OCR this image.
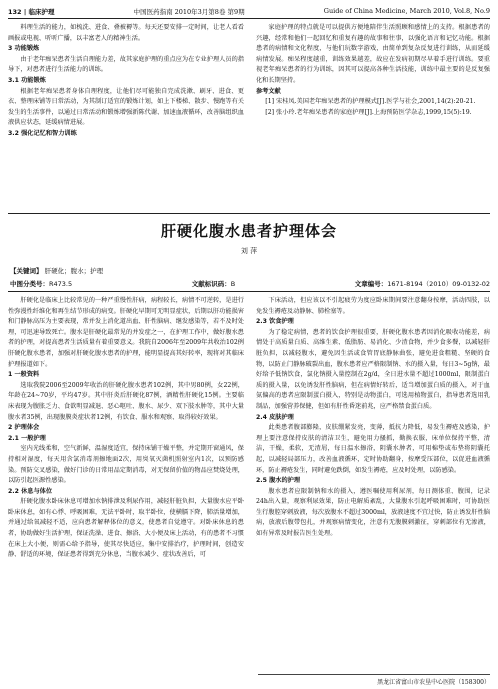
132 | 临床护理	中国医药指南 2010年3月第8卷 第9期	Guide of China Medicine, March 2010, Vol.8, No.9

料理生活的能力，如梳洗、进食、叠被褥等。每天还要安排一定时间，让老人看看画报或电视、听听广播，以丰富老人的精神生活。

3 功能锻炼

由于老年痴呆患者生活自理能力差，故其家庭护理的重点应为在专业护理人员的指导下，对患者进行生活能力的训练。

3.1 功能锻炼

根据老年痴呆患者身体自理程度，让他们尽可能独自完成洗漱、刷牙、进食、更衣、整理床铺等日常活动，为其制订适宜的锻炼计划，如上下楼梯、散步、慢跑等有关发生的生活事件，以通过日常活动和锻炼增强新陈代谢、加速血液循环，改善脑组织血液供应状态，延缓病情进展。

3.2 强化记忆和智力训练

家庭护理的特点就是可以提供方便地陪伴生活照顾和感情上的支持。根据患者的兴趣，经常和他们一起回忆和重复有趣的故事和往事，以强化语言和记忆功能。根据患者的病情和文化程度，与他们玩数字游戏，由简单到复杂反复进行训练，从而延缓病情发展。痴呆程度越重，训练效果越差，故应在发病初期尽早着手进行训练。要重视老年痴呆患者的行为训练，因其可以提高各种生活技能，训练中最主要的是反复强化和长期坚持。

参考文献

[1] 宋桂凤.美国老年痴呆患者的护理模式[J].医学与社会,2001,14(2):20-21.

[2] 张小玲.老年痴呆患者的家庭护理[J].上海预防医学杂志,1999,15(5):19.

肝硬化腹水患者护理体会
刘 萍
【关键词】 肝硬化；腹水；护理
中图分类号：R473.5	文献标识码：B	文章编号：1671-8194（2010）09-0132-02

肝硬化是临床上比较常见的一种严重慢性肝病，病程较长，病情不可逆转，是进行性弥漫性纤维化和再生结节形成的病变。肝硬化早期可无明显症状，后期以肝功能损害和门静脉高压为主要表现，常并发上消化道出血、肝性脑病、继发感染等，若不及时处理，可迅速导致死亡。腹水是肝硬化最常见的并发症之一，在护理工作中，做好腹水患者的护理，对提高患者生活质量有着重要意义。我院自2006年至2009年共收治102例肝硬化腹水患者，加强对肝硬化腹水患者的护理，能明显提高其好转率，现将对其临床护理报道如下。

1 一般资料

选取我院2006至2009年收治的肝硬化腹水患者102例，其中男80例，女22例，年龄在24~70岁，平均47岁。其中肝炎后肝硬化87例，酒精性肝硬化15例。主要临床表现为腹胀乏力、食欲明显减退、恶心呕吐、腹水、尿少、双下肢水肿等，其中大量腹水者35例，出现腹膜炎症状者12例，有饮食、服水和观察、取得较好效果。

2 护理体会

2.1 一般护理

室内光线柔和，空气新鲜，温湿度适宜，保持床铺干燥平整，并定期开窗通风，保持相对湿度，每天用含氯消毒剂擦地面2次，用臭氧灭菌机照射室内1次，以预防感染。预防交叉感染，做好门诊的日常用品定期消毒，对无保留价值的物品应焚烧处理，以防引起医源性感染。

2.2 休息与体位

肝硬化腹水卧床休息可增加水钠排泄及利尿作用，减轻肝脏负担，大量腹水应平卧卧床休息，如有心悸、呼吸困难，无法平卧时，取半卧位，使横膈下降，肺活量增加，并通过给氧减轻不适，应向患者解释体位的意义，使患者自觉遵守。对卧床休息的患者，协助做好生活护理，保证洗澡、进食、擦浴、大小便及床上活动，有的患者不习惯在床上大小便，则需心给予指导，使其尽快适应，集中安排治疗，护理时间，创造安静、舒适的环境，保证患者得到充分休息，当腹水减少、症状改善后，可

下床活动，但应该以不引起疲劳为度应卧床期间要注意翻身按摩，活动四肢，以免发生褥疮及动静脉、肺栓塞等。

2.3 饮食护理

为了稳定病情，患者的饮食护理很重要，肝硬化腹水患者因消化吸收功能差，病情处于高质量白质、高维生素、低脂肪、易消化、少渣食物，并少食多餐，以减轻肝脏负担，以减轻腹水，避免因生活或食管胃底静脉曲张，避免进食粗糙、坚硬的食物，以防止门静脉破裂出血，腹水患者应严格限制钠、水的摄入量，每日3~5g钠，最好给予低钠饮食，氯化钠摄入量控制在2g/d，全日进水量不超过1000ml，限制蛋白质的摄入量，以免诱发肝性脑病，但在病情好转后，适当增加蛋白质的摄入，对于血氨偏高的患者应限制蛋白摄入，特别是动物蛋白，可选用植物蛋白，指导患者选用乳制品，加强营养保健，但如有肝性昏迷前兆，应严格禁食蛋白质。

2.4 皮肤护理

此类患者腹部膨隆，皮肤绷紧发亮，变薄，抵抗力降低，易发生褥疮及感染，护理上要注意保持皮肤的清洁卫生，避免用力搔抓，勤换衣服，床单位保持平整，清洁，干燥，柔软，无渣屑，每日温水擦浴，阴囊水肿者，可用棉垫或布垫将阴囊托起，以减轻局部压力，改善血液循环，定时协助翻身，按摩受压部位，以促进血液循环，防止褥疮发生，同时避免跌倒，如发生褥疮，应及时处理，以防感染。

2.5 腹水的护理

腹水患者应限制钠和水的摄入，遵医嘱使用利尿剂，每日测体重、腹围，记录24h出入量，观察利尿效果，防止电解质紊乱，大量腹水引起呼吸困难时，可协助医生行腹腔穿刺放液，每次放腹水不超过3000ml，放液速度不宜过快，防止诱发肝性脑病，放液后腹带包扎，并观察病情变化，注意有无腹膜刺激征，穿刺部位有无渗液，如有异常及时报告医生处理。

黑龙江省富山市农垦中心医院（158300）
